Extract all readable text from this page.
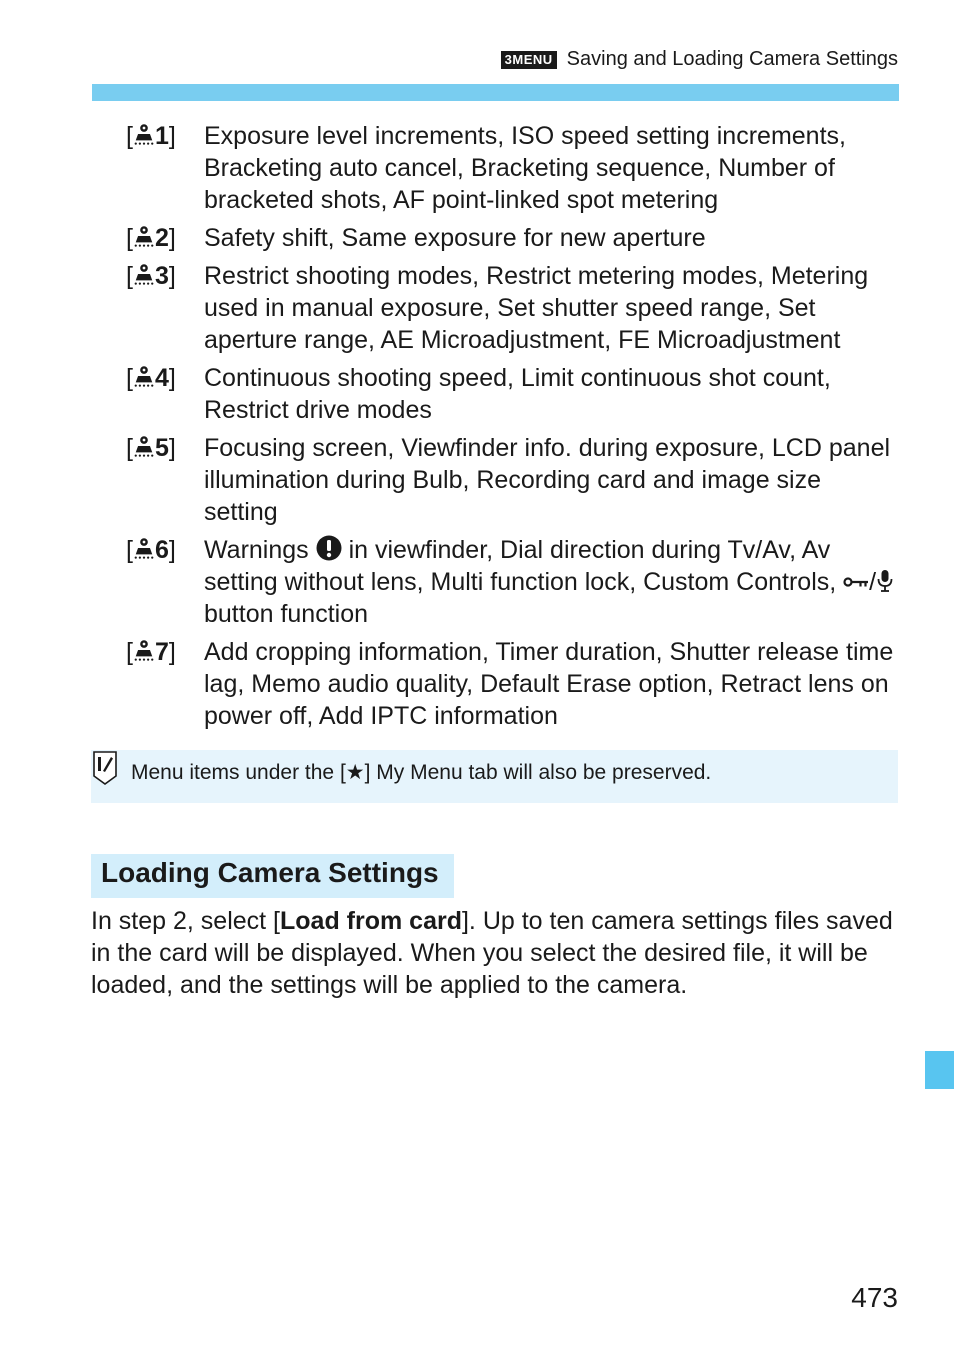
3MENU Saving and Loading Camera Settings
[ 1]	Exposure level increments, ISO speed setting increments, Bracketing auto cancel, Bracketing sequence, Number of bracketed shots, AF point-linked spot metering
[ 2]	Safety shift, Same exposure for new aperture
[ 3]	Restrict shooting modes, Restrict metering modes, Metering used in manual exposure, Set shutter speed range, Set aperture range, AE Microadjustment, FE Microadjustment
[ 4]	Continuous shooting speed, Limit continuous shot count, Restrict drive modes
[ 5]	Focusing screen, Viewfinder info. during exposure, LCD panel illumination during Bulb, Recording card and image size setting
[ 6]	Warnings in viewfinder, Dial direction during Tv/Av, Av setting without lens, Multi function lock, Custom Controls, / button function
[ 7]	Add cropping information, Timer duration, Shutter release time lag, Memo audio quality, Default Erase option, Retract lens on power off, Add IPTC information
Menu items under the [★] My Menu tab will also be preserved.
Loading Camera Settings
In step 2, select [Load from card]. Up to ten camera settings files saved in the card will be displayed. When you select the desired file, it will be loaded, and the settings will be applied to the camera.
473
